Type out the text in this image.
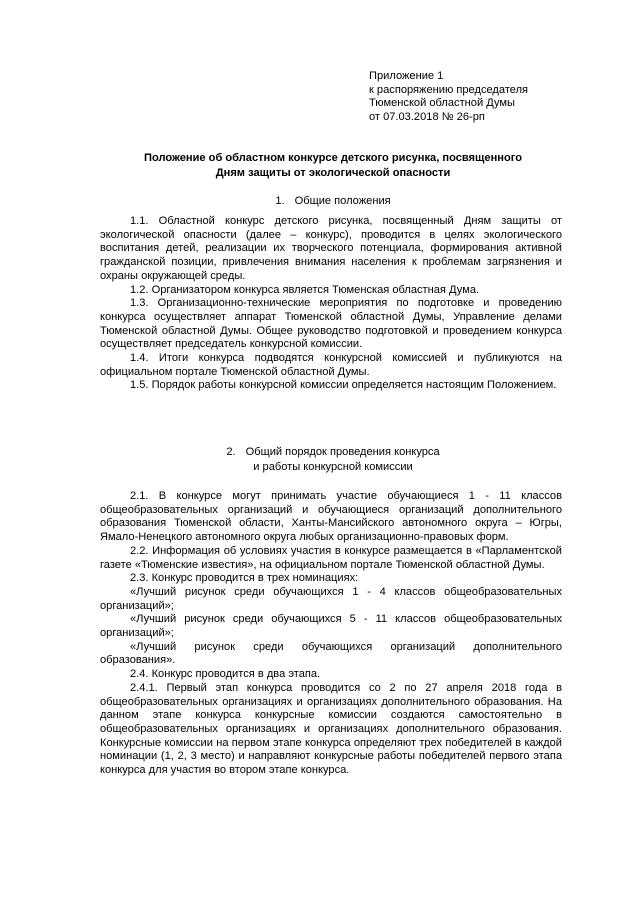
Приложение 1
к распоряжению председателя
Тюменской областной Думы
от 07.03.2018 № 26-рп
Положение об областном конкурсе детского рисунка, посвященного
Дням защиты от экологической опасности
1. Общие положения

1.1. Областной конкурс детского рисунка, посвященный Дням защиты от экологической опасности (далее – конкурс), проводится в целях экологического воспитания детей, реализации их творческого потенциала, формирования активной гражданской позиции, привлечения внимания населения к проблемам загрязнения и охраны окружающей среды.

1.2. Организатором конкурса является Тюменская областная Дума.

1.3. Организационно-технические мероприятия по подготовке и проведению конкурса осуществляет аппарат Тюменской областной Думы, Управление делами Тюменской областной Думы. Общее руководство подготовкой и проведением конкурса осуществляет председатель конкурсной комиссии.

1.4. Итоги конкурса подводятся конкурсной комиссией и публикуются на официальном портале Тюменской областной Думы.

1.5. Порядок работы конкурсной комиссии определяется настоящим Положением.

2. Общий порядок проведения конкурса
и работы конкурсной комиссии

2.1. В конкурсе могут принимать участие обучающиеся 1 - 11 классов общеобразовательных организаций и обучающиеся организаций дополнительного образования Тюменской области, Ханты-Мансийского автономного округа – Югры, Ямало-Ненецкого автономного округа любых организационно-правовых форм.

2.2. Информация об условиях участия в конкурсе размещается в «Парламентской газете «Тюменские известия», на официальном портале Тюменской областной Думы.

2.3. Конкурс проводится в трех номинациях:

«Лучший рисунок среди обучающихся 1 - 4 классов общеобразовательных организаций»;

«Лучший рисунок среди обучающихся 5 - 11 классов общеобразовательных организаций»;

«Лучший рисунок среди обучающихся организаций дополнительного образования».

2.4. Конкурс проводится в два этапа.

2.4.1. Первый этап конкурса проводится со 2 по 27 апреля 2018 года в общеобразовательных организациях и организациях дополнительного образования. На данном этапе конкурса конкурсные комиссии создаются самостоятельно в общеобразовательных организациях и организациях дополнительного образования. Конкурсные комиссии на первом этапе конкурса определяют трех победителей в каждой номинации (1, 2, 3 место) и направляют конкурсные работы победителей первого этапа конкурса для участия во втором этапе конкурса.
